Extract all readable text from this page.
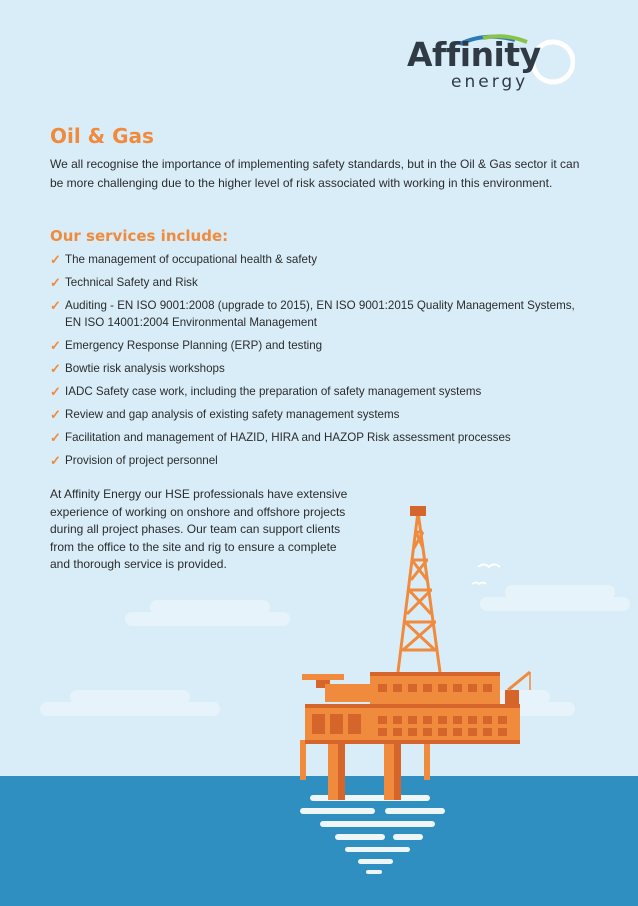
Affinity
energy
Oil & Gas
We all recognise the importance of implementing safety standards, but in the Oil & Gas sector it can be more challenging due to the higher level of risk associated with working in this environment.
Our services include:
✓ The management of occupational health & safety
✓ Technical Safety and Risk
✓ Auditing - EN ISO 9001:2008 (upgrade to 2015), EN ISO 9001:2015 Quality Management Systems, EN ISO 14001:2004 Environmental Management
✓ Emergency Response Planning (ERP) and testing
✓ Bowtie risk analysis workshops
✓ IADC Safety case work, including the preparation of safety management systems
✓ Review and gap analysis of existing safety management systems
✓ Facilitation and management of HAZID, HIRA and HAZOP Risk assessment processes
✓ Provision of project personnel
At Affinity Energy our HSE professionals have extensive experience of working on onshore and offshore projects during all project phases. Our team can support clients from the office to the site and rig to ensure a complete and thorough service is provided.
